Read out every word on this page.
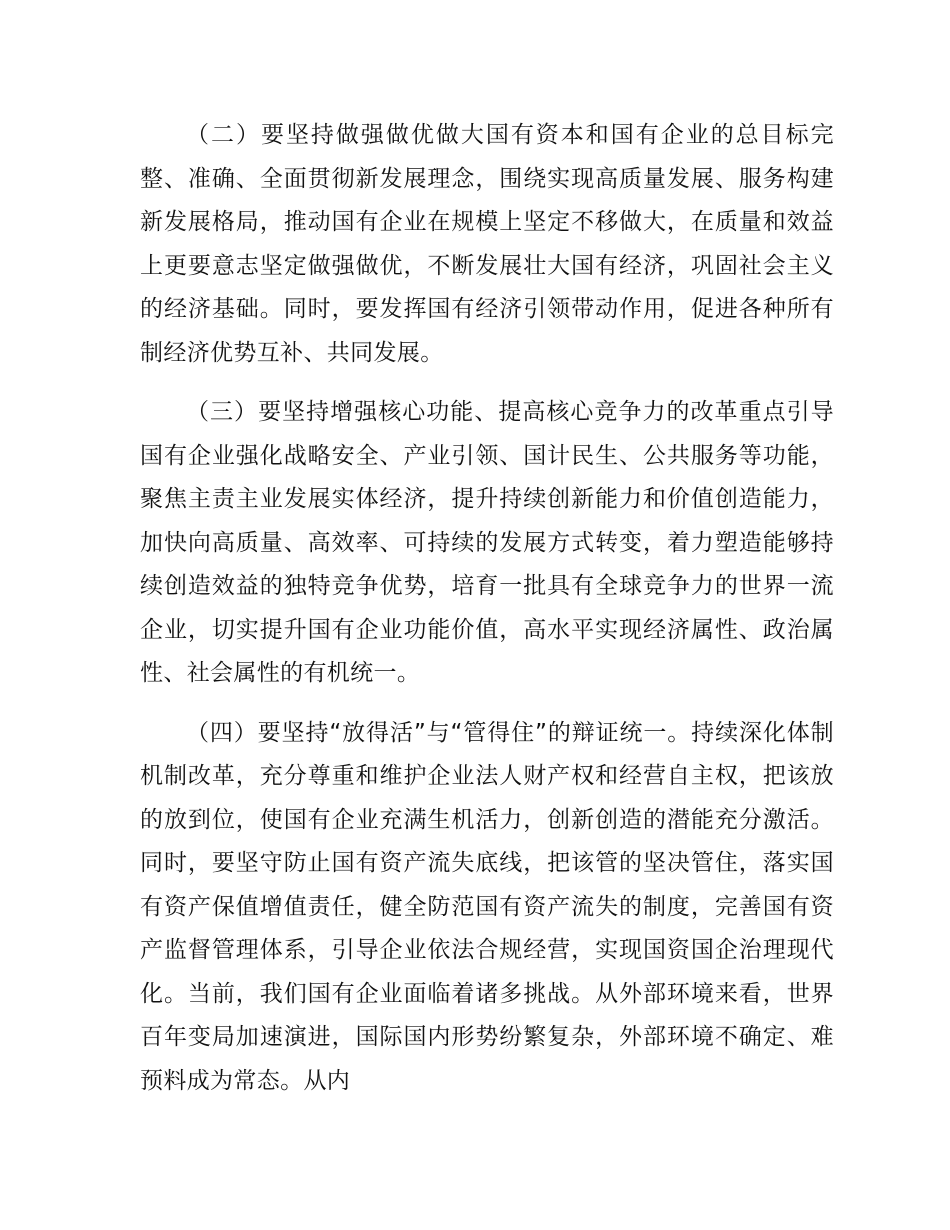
（二）要坚持做强做优做大国有资本和国有企业的总目标完整、准确、全面贯彻新发展理念，围绕实现高质量发展、服务构建新发展格局，推动国有企业在规模上坚定不移做大，在质量和效益上更要意志坚定做强做优，不断发展壮大国有经济，巩固社会主义的经济基础。同时，要发挥国有经济引领带动作用，促进各种所有制经济优势互补、共同发展。

（三）要坚持增强核心功能、提高核心竞争力的改革重点引导国有企业强化战略安全、产业引领、国计民生、公共服务等功能，聚焦主责主业发展实体经济，提升持续创新能力和价值创造能力，加快向高质量、高效率、可持续的发展方式转变，着力塑造能够持续创造效益的独特竞争优势，培育一批具有全球竞争力的世界一流企业，切实提升国有企业功能价值，高水平实现经济属性、政治属性、社会属性的有机统一。

（四）要坚持“放得活”与“管得住”的辩证统一。持续深化体制机制改革，充分尊重和维护企业法人财产权和经营自主权，把该放的放到位，使国有企业充满生机活力，创新创造的潜能充分激活。同时，要坚守防止国有资产流失底线，把该管的坚决管住，落实国有资产保值增值责任，健全防范国有资产流失的制度，完善国有资产监督管理体系，引导企业依法合规经营，实现国资国企治理现代化。当前，我们国有企业面临着诸多挑战。从外部环境来看，世界百年变局加速演进，国际国内形势纷繁复杂，外部环境不确定、难预料成为常态。从内
